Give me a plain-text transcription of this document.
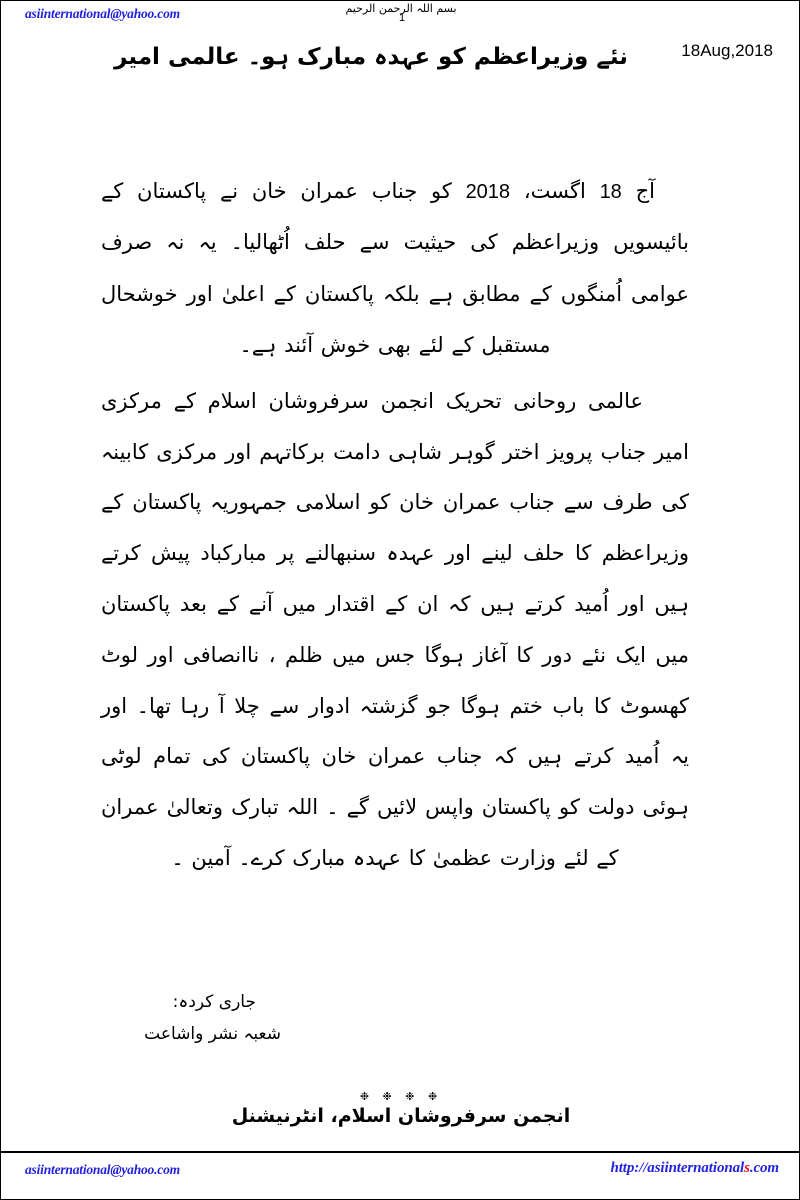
asiinternational@yahoo.com	بسم اللہ الرحمن الرحیم
1
18Aug,2018
نئے وزیراعظم کو عہدہ مبارک ہو۔ عالمی امیر

آج 18 اگست، 2018 کو جناب عمران خان نے پاکستان کے بائیسویں وزیراعظم کی حیثیت سے حلف اُٹھالیا۔ یہ نہ صرف عوامی اُمنگوں کے مطابق ہے بلکہ پاکستان کے اعلیٰ اور خوشحال مستقبل کے لئے بھی خوش آئند ہے۔

عالمی روحانی تحریک انجمن سرفروشان اسلام کے مرکزی امیر جناب پرویز اختر گوہر شاہی دامت برکاتہم اور مرکزی کابینہ کی طرف سے جناب عمران خان کو اسلامی جمہوریہ پاکستان کے وزیراعظم کا حلف لینے اور عہدہ سنبھالنے پر مبارکباد پیش کرتے ہیں اور اُمید کرتے ہیں کہ ان کے اقتدار میں آنے کے بعد پاکستان میں ایک نئے دور کا آغاز ہوگا جس میں ظلم ، ناانصافی اور لوٹ کھسوٹ کا باب ختم ہوگا جو گزشتہ ادوار سے چلا آ رہا تھا۔ اور یہ اُمید کرتے ہیں کہ جناب عمران خان پاکستان کی تمام لوٹی ہوئی دولت کو پاکستان واپس لائیں گے ۔ اللہ تبارک وتعالیٰ عمران کے لئے وزارت عظمیٰ کا عہدہ مبارک کرے۔ آمین ۔

جاری کردہ:
شعبہ نشر واشاعت
❉ ❉ ❉ ❉
انجمن سرفروشان اسلام، انٹرنیشنل
asiinternational@yahoo.com	http://asiinternationals.com
